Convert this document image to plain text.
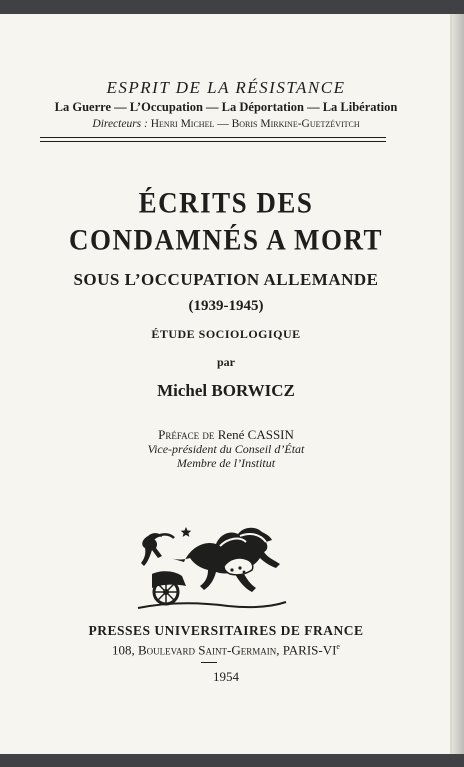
ESPRIT DE LA RÉSISTANCE
La Guerre — L’Occupation — La Déportation — La Libération
Directeurs : Henri Michel — Boris Mirkine-Guetzévitch
ÉCRITS DES
CONDAMNÉS A MORT
SOUS L’OCCUPATION ALLEMANDE
(1939-1945)
ÉTUDE SOCIOLOGIQUE
par
Michel BORWICZ
Préface de René CASSIN
Vice-président du Conseil d’État
Membre de l’Institut
PRESSES UNIVERSITAIRES DE FRANCE
108, Boulevard Saint-Germain, PARIS-VIe
1954
